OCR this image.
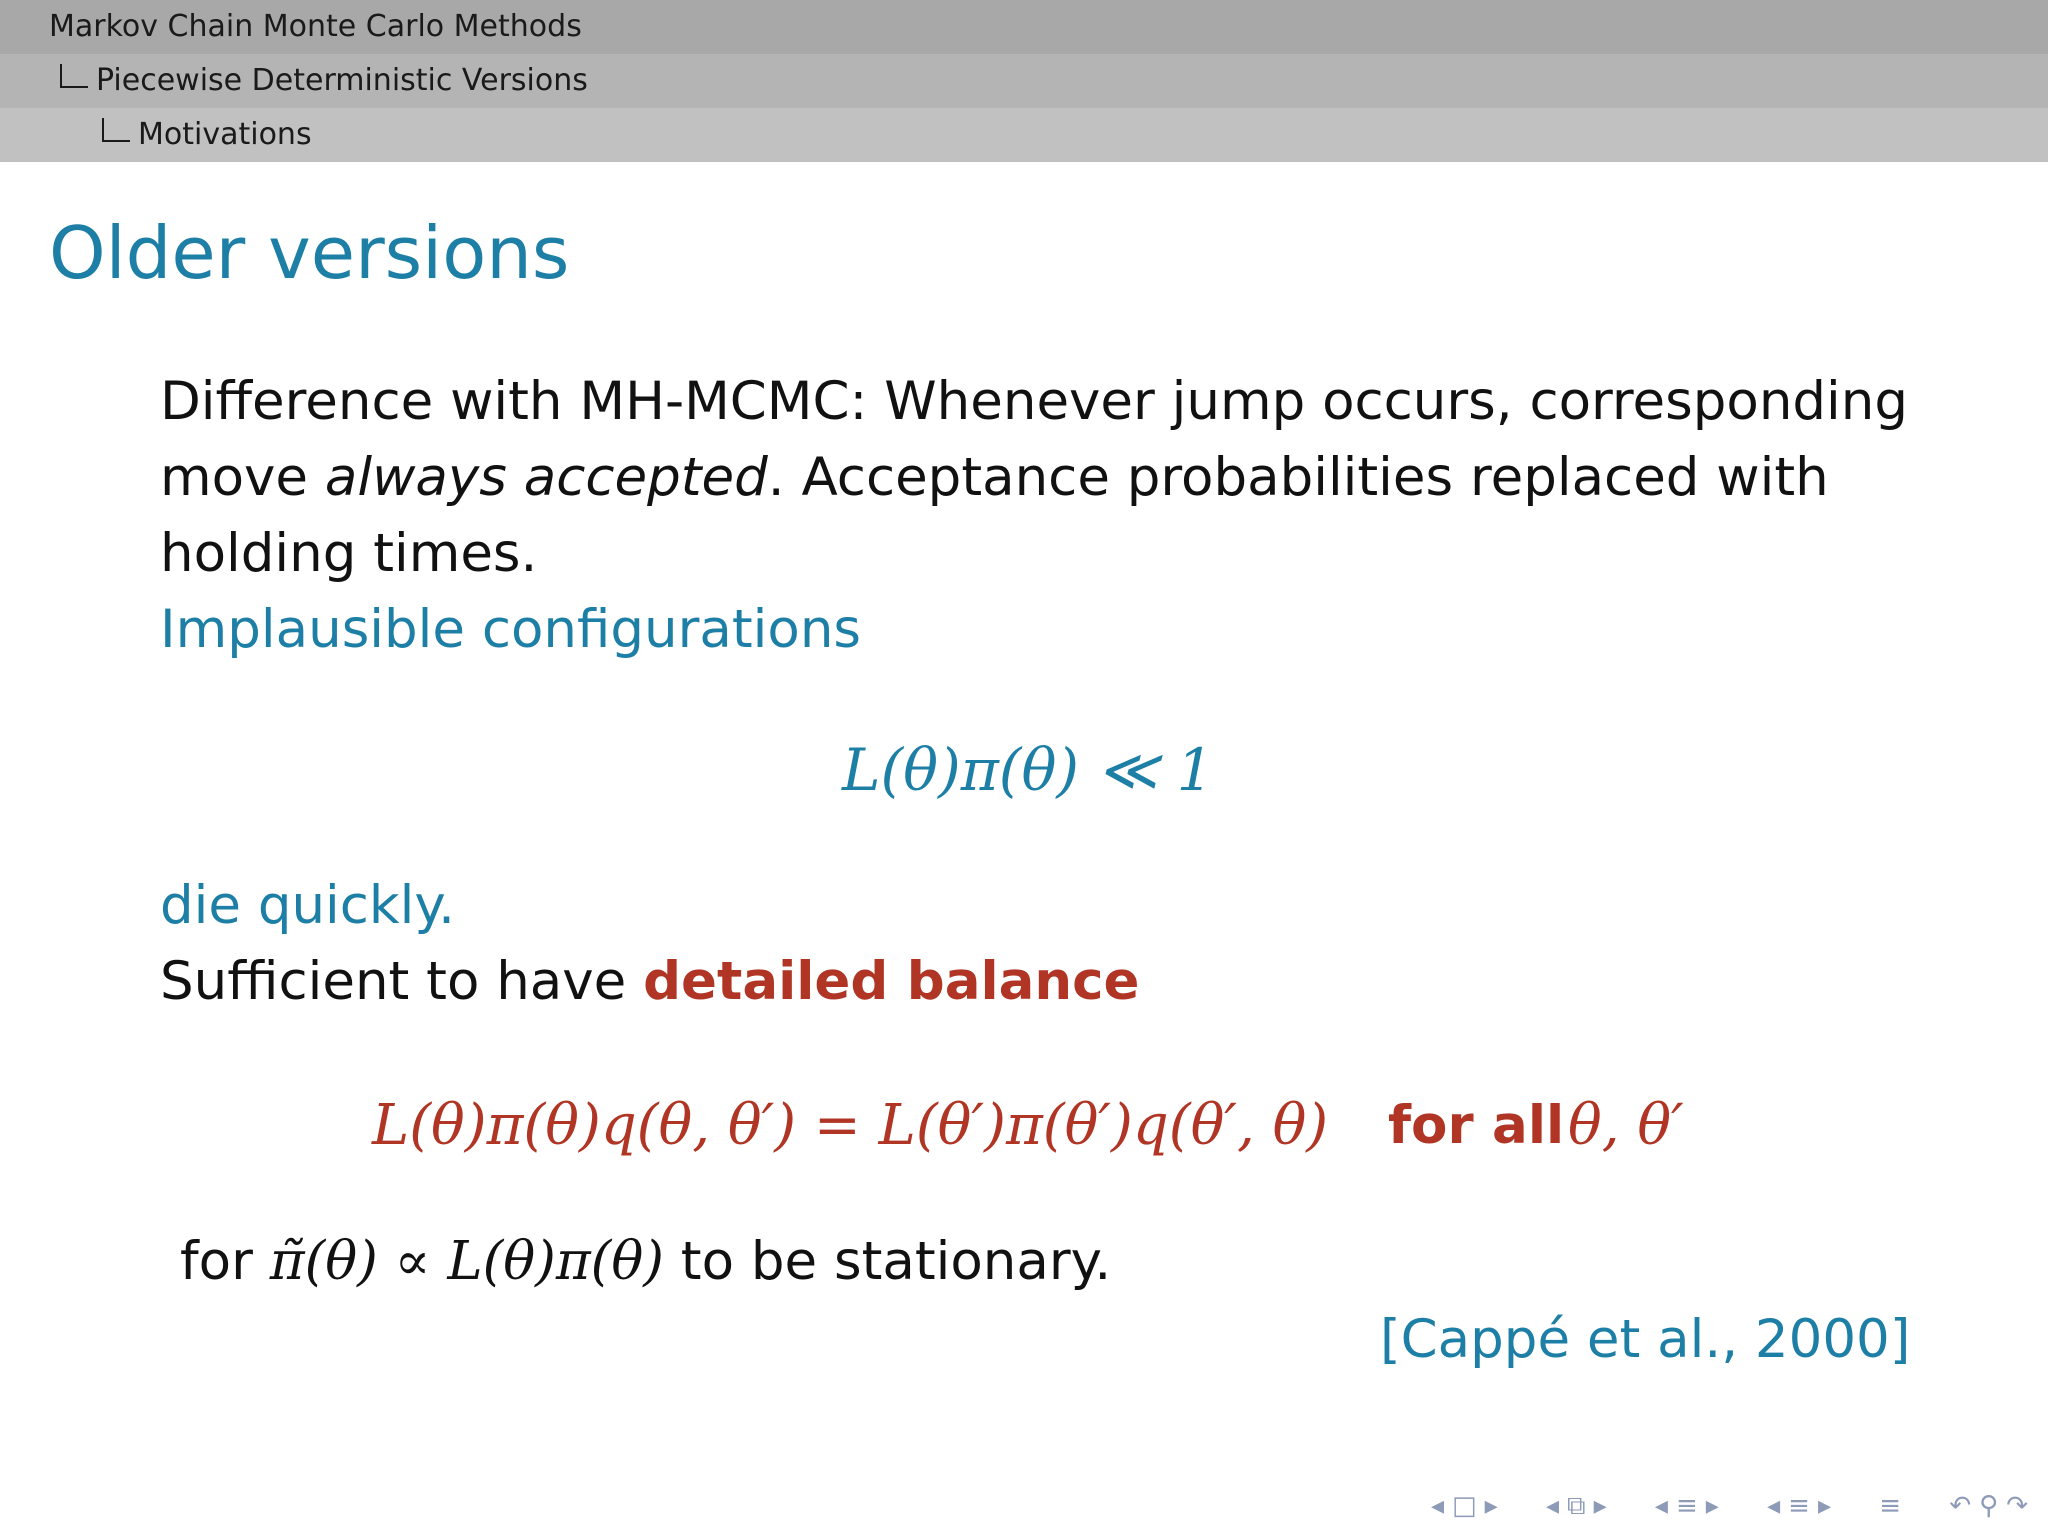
Markov Chain Monte Carlo Methods
Piecewise Deterministic Versions
Motivations
Older versions
Difference with MH-MCMC: Whenever jump occurs, corresponding
move always accepted. Acceptance probabilities replaced with
holding times.
Implausible configurations
L(θ)π(θ) ≪ 1
die quickly.
Sufficient to have detailed balance
L(θ)π(θ)q(θ, θ′) = L(θ′)π(θ′)q(θ′, θ) for all θ, θ′
for π̃(θ) ∝ L(θ)π(θ) to be stationary.
[Cappé et al., 2000]
◂ □ ▸ ◂ ⧉ ▸ ◂ ≡ ▸ ◂ ≡ ▸ ≡ ↶ ⚲ ↷
